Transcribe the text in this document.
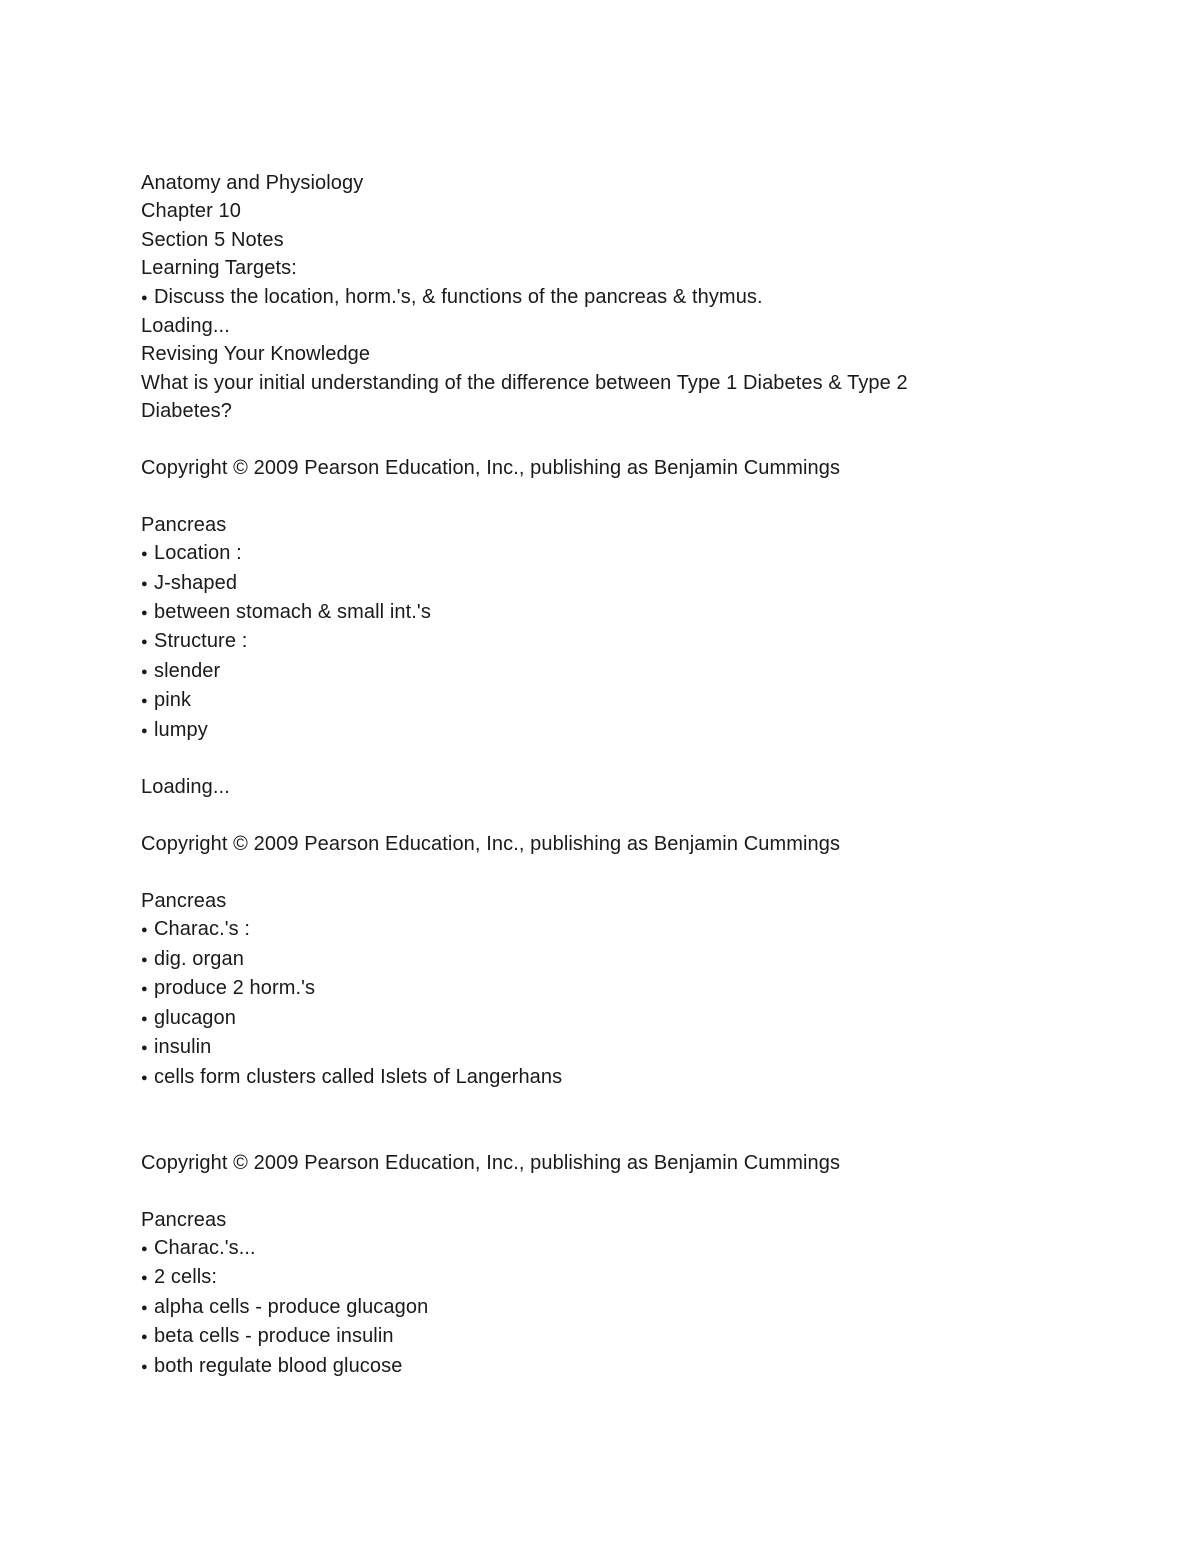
Anatomy and Physiology
Chapter 10
Section 5 Notes
Learning Targets:
● Discuss the location, horm.'s, & functions of the pancreas & thymus.
Loading...
Revising Your Knowledge
What is your initial understanding of the difference between Type 1 Diabetes & Type 2 Diabetes?
Copyright © 2009 Pearson Education, Inc., publishing as Benjamin Cummings
Pancreas
● Location :
● J-shaped
● between stomach & small int.'s
● Structure :
● slender
● pink
● lumpy
Loading...
Copyright © 2009 Pearson Education, Inc., publishing as Benjamin Cummings
Pancreas
● Charac.'s :
● dig. organ
● produce 2 horm.'s
● glucagon
● insulin
● cells form clusters called Islets of Langerhans
Copyright © 2009 Pearson Education, Inc., publishing as Benjamin Cummings
Pancreas
● Charac.'s...
● 2 cells:
● alpha cells - produce glucagon
● beta cells - produce insulin
● both regulate blood glucose
